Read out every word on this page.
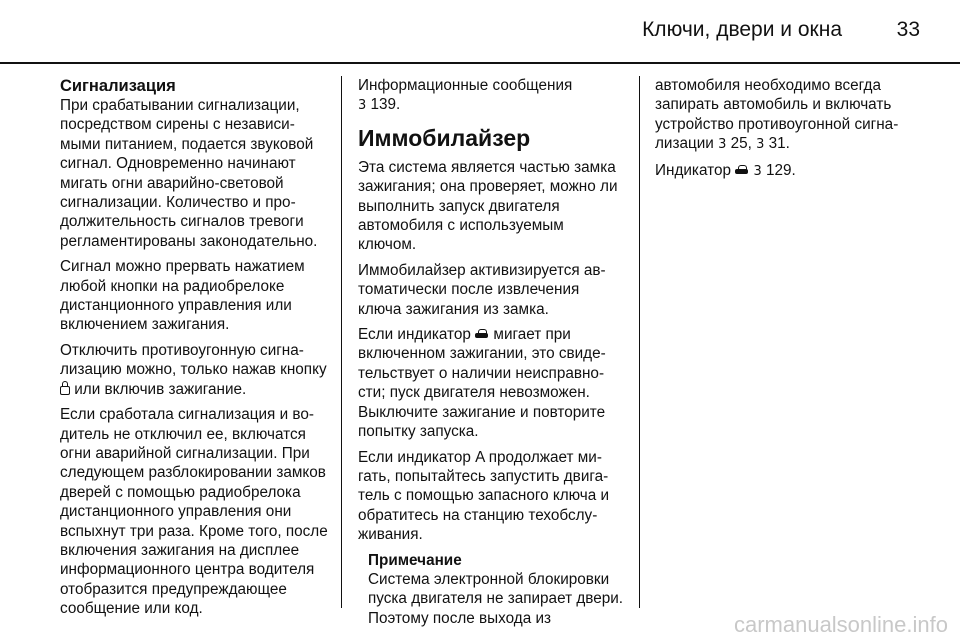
Ключи, двери и окна	33
Сигнализация

При срабатывании сигнализации, посредством сирены с независимыми питанием, подается звуковой сигнал. Одновременно начинают мигать огни аварийно-световой сигнализации. Количество и продолжительность сигналов тревоги регламентированы законодательно.

Сигнал можно прервать нажатием любой кнопки на радиобрелоке дистанционного управления или включением зажигания.

Отключить противоугонную сигнализацию можно, только нажав кнопку  или включив зажигание.

Если сработала сигнализация и водитель не отключил ее, включатся огни аварийной сигнализации. При следующем разблокировании замков дверей с помощью радиобрелока дистанционного управления они вспыхнут три раза. Кроме того, после включения зажигания на дисплее информационного центра водителя отобразится предупреждающее сообщение или код.

Информационные сообщения
3 139.

Иммобилайзер

Эта система является частью замка зажигания; она проверяет, можно ли выполнить запуск двигателя автомобиля с используемым ключом.

Иммобилайзер активизируется автоматически после извлечения ключа зажигания из замка.

Если индикатор  мигает при включенном зажигании, это свидетельствует о наличии неисправности; пуск двигателя невозможен. Выключите зажигание и повторите попытку запуска.

Если индикатор A продолжает мигать, попытайтесь запустить двигатель с помощью запасного ключа и обратитесь на станцию техобслуживания.

Примечание
Система электронной блокировки пуска двигателя не запирает двери. Поэтому после выхода из

автомобиля необходимо всегда запирать автомобиль и включать устройство противоугонной сигнализации 3 25, 3 31.

Индикатор  3 129.

carmanualsonline.info
